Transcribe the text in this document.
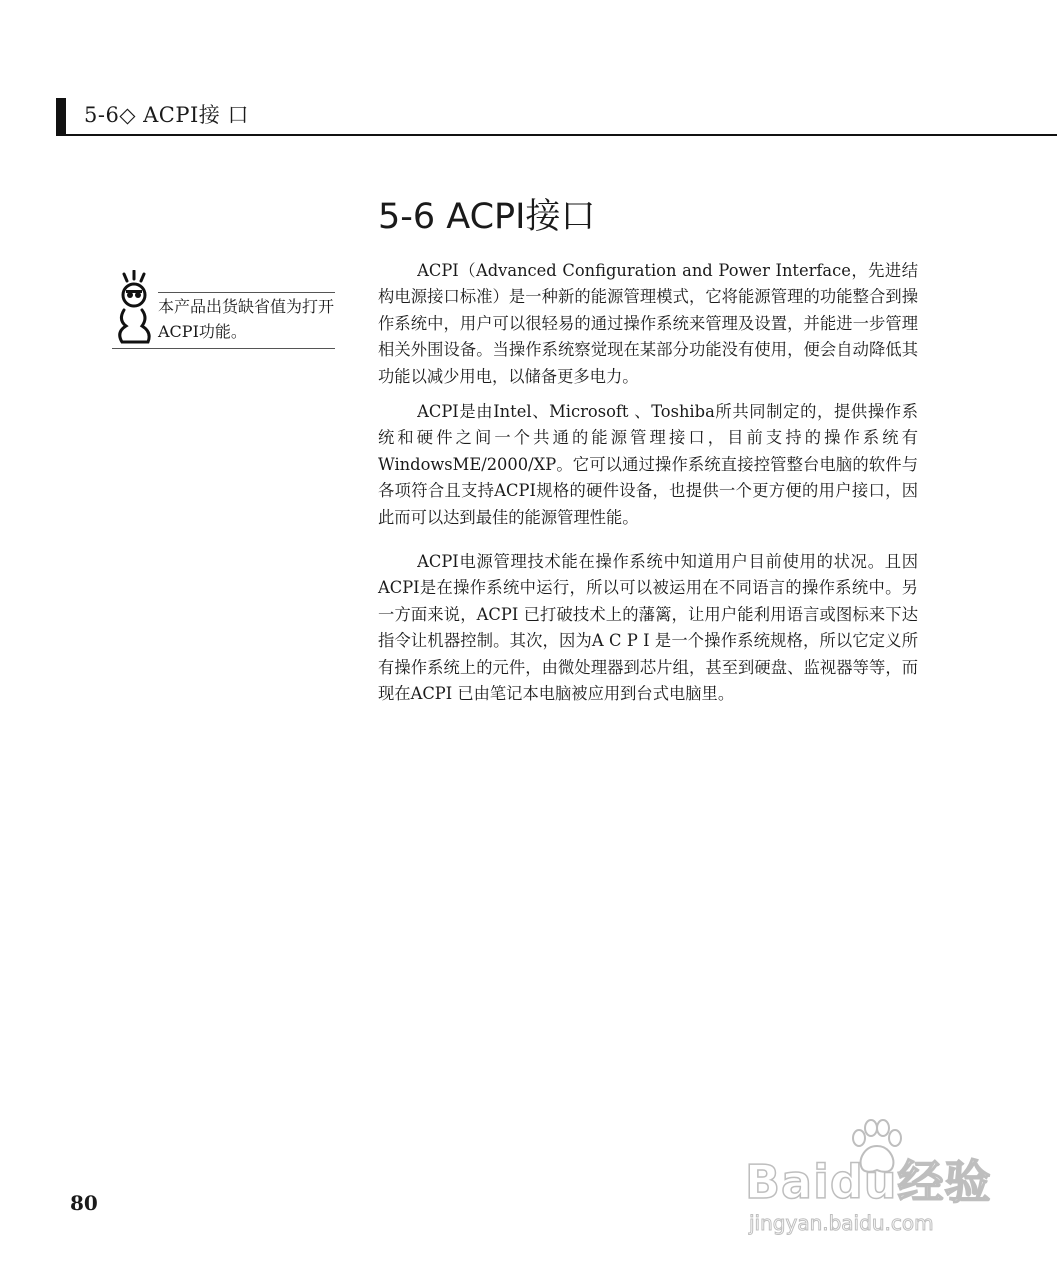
5-6◇ ACPI接 口
5-6 ACPI接口
本产品出货缺省值为打开ACPI功能。

ACPI（Advanced Configuration and Power Interface，先进结构电源接口标准）是一种新的能源管理模式，它将能源管理的功能整合到操作系统中，用户可以很轻易的通过操作系统来管理及设置，并能进一步管理相关外围设备。当操作系统察觉现在某部分功能没有使用，便会自动降低其功能以减少用电，以储备更多电力。

ACPI是由Intel、Microsoft 、Toshiba所共同制定的，提供操作系统和硬件之间一个共通的能源管理接口，目前支持的操作系统有WindowsME/2000/XP。它可以通过操作系统直接控管整台电脑的软件与各项符合且支持ACPI规格的硬件设备，也提供一个更方便的用户接口，因此而可以达到最佳的能源管理性能。

ACPI电源管理技术能在操作系统中知道用户目前使用的状况。且因ACPI是在操作系统中运行，所以可以被运用在不同语言的操作系统中。另一方面来说，ACPI 已打破技术上的藩篱，让用户能利用语言或图标来下达指令让机器控制。其次，因为A C P I 是一个操作系统规格，所以它定义所有操作系统上的元件，由微处理器到芯片组，甚至到硬盘、监视器等等，而现在ACPI 已由笔记本电脑被应用到台式电脑里。

80	Baidu经验
jingyan.baidu.com
